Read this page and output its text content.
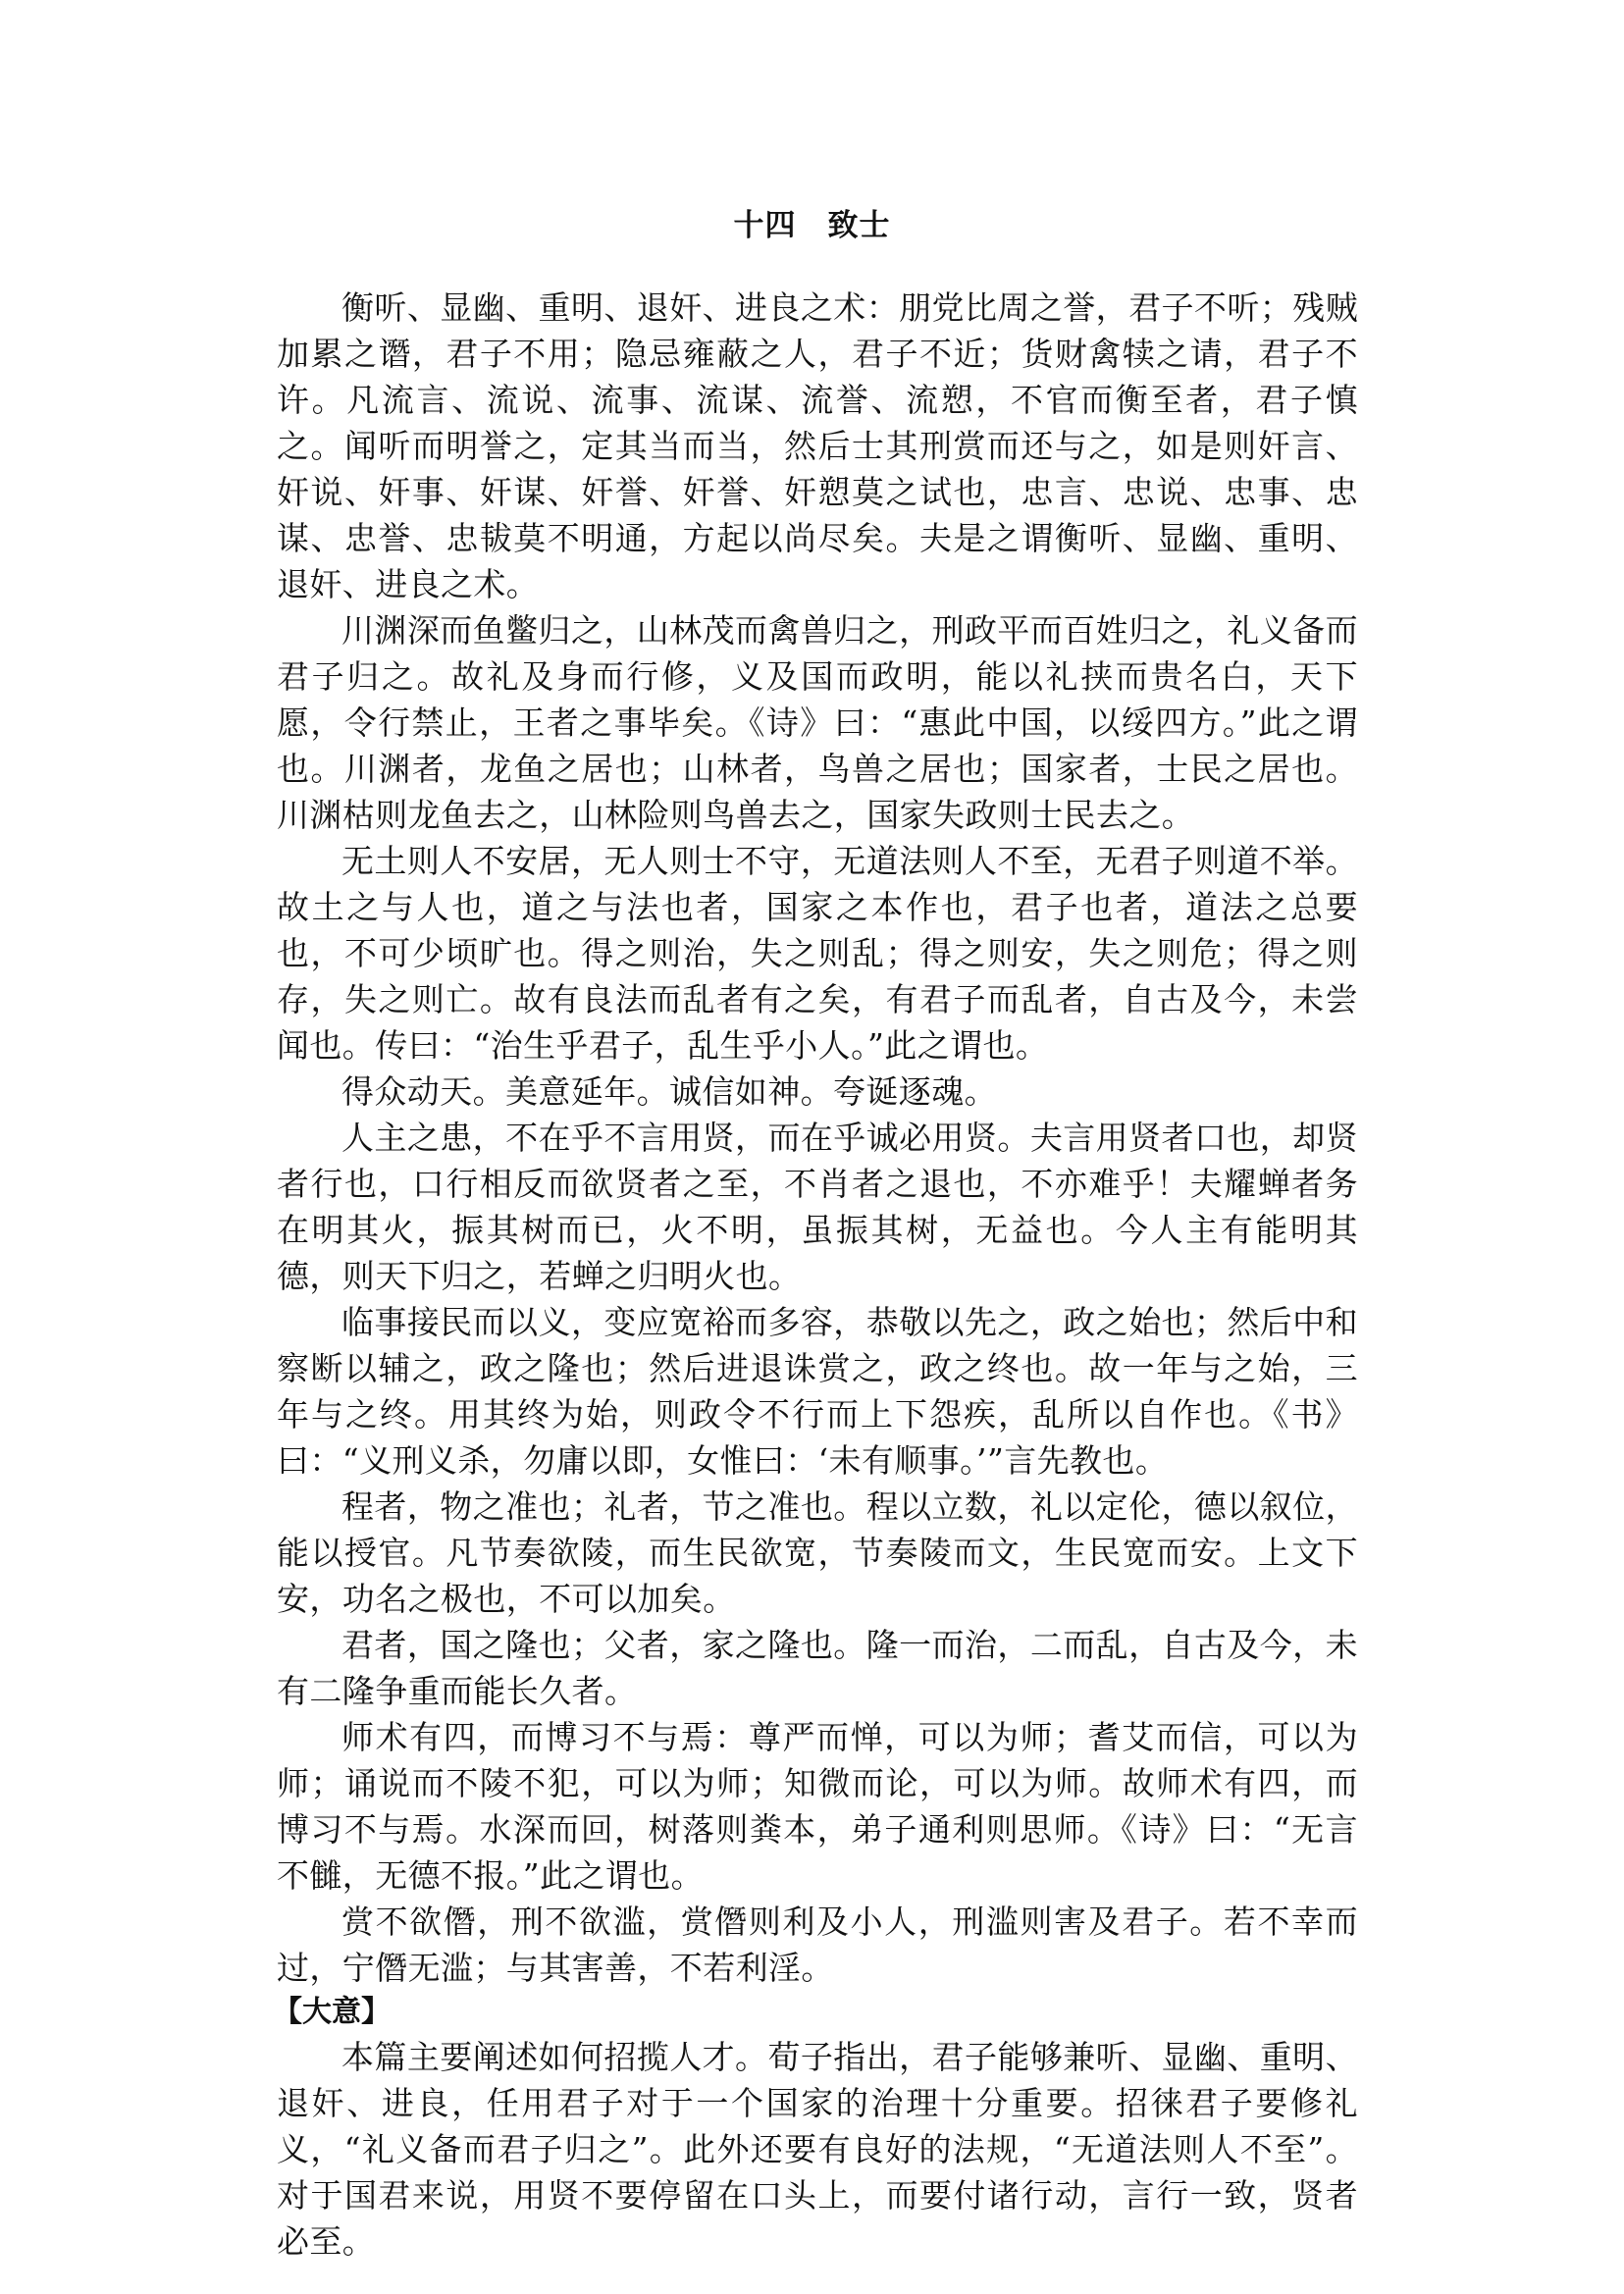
十四　致士

衡听、显幽、重明、退奸、进良之术：朋党比周之誉，君子不听；残贼加累之谮，君子不用；隐忌雍蔽之人，君子不近；货财禽犊之请，君子不许。凡流言、流说、流事、流谋、流誉、流愬，不官而衡至者，君子慎之。闻听而明誉之，定其当而当，然后士其刑赏而还与之，如是则奸言、奸说、奸事、奸谋、奸誉、奸誉、奸愬莫之试也，忠言、忠说、忠事、忠谋、忠誉、忠韨莫不明通，方起以尚尽矣。夫是之谓衡听、显幽、重明、退奸、进良之术。

川渊深而鱼鳖归之，山林茂而禽兽归之，刑政平而百姓归之，礼义备而君子归之。故礼及身而行修，义及国而政明，能以礼挟而贵名白，天下愿，令行禁止，王者之事毕矣。《诗》曰：“惠此中国，以绥四方。”此之谓也。川渊者，龙鱼之居也；山林者，鸟兽之居也；国家者，士民之居也。川渊枯则龙鱼去之，山林险则鸟兽去之，国家失政则士民去之。

无土则人不安居，无人则士不守，无道法则人不至，无君子则道不举。故土之与人也，道之与法也者，国家之本作也，君子也者，道法之总要也，不可少顷旷也。得之则治，失之则乱；得之则安，失之则危；得之则存，失之则亡。故有良法而乱者有之矣，有君子而乱者，自古及今，未尝闻也。传曰：“治生乎君子，乱生乎小人。”此之谓也。

得众动天。美意延年。诚信如神。夸诞逐魂。

人主之患，不在乎不言用贤，而在乎诚必用贤。夫言用贤者口也，却贤者行也，口行相反而欲贤者之至，不肖者之退也，不亦难乎！夫耀蝉者务在明其火，振其树而已，火不明，虽振其树，无益也。今人主有能明其德，则天下归之，若蝉之归明火也。

临事接民而以义，变应宽裕而多容，恭敬以先之，政之始也；然后中和察断以辅之，政之隆也；然后进退诛赏之，政之终也。故一年与之始，三年与之终。用其终为始，则政令不行而上下怨疾，乱所以自作也。《书》曰：“义刑义杀，勿庸以即，女惟曰：‘未有顺事。’”言先教也。

程者，物之准也；礼者，节之准也。程以立数，礼以定伦，德以叙位，能以授官。凡节奏欲陵，而生民欲宽，节奏陵而文，生民宽而安。上文下安，功名之极也，不可以加矣。

君者，国之隆也；父者，家之隆也。隆一而治，二而乱，自古及今，未有二隆争重而能长久者。

师术有四，而博习不与焉：尊严而惮，可以为师；耆艾而信，可以为师；诵说而不陵不犯，可以为师；知微而论，可以为师。故师术有四，而博习不与焉。水深而回，树落则粪本，弟子通利则思师。《诗》曰：“无言不雠，无德不报。”此之谓也。

赏不欲僭，刑不欲滥，赏僭则利及小人，刑滥则害及君子。若不幸而过，宁僭无滥；与其害善，不若利淫。

【大意】

本篇主要阐述如何招揽人才。荀子指出，君子能够兼听、显幽、重明、退奸、进良，任用君子对于一个国家的治理十分重要。招徕君子要修礼义，“礼义备而君子归之”。此外还要有良好的法规，“无道法则人不至”。对于国君来说，用贤不要停留在口头上，而要付诸行动，言行一致，贤者必至。
